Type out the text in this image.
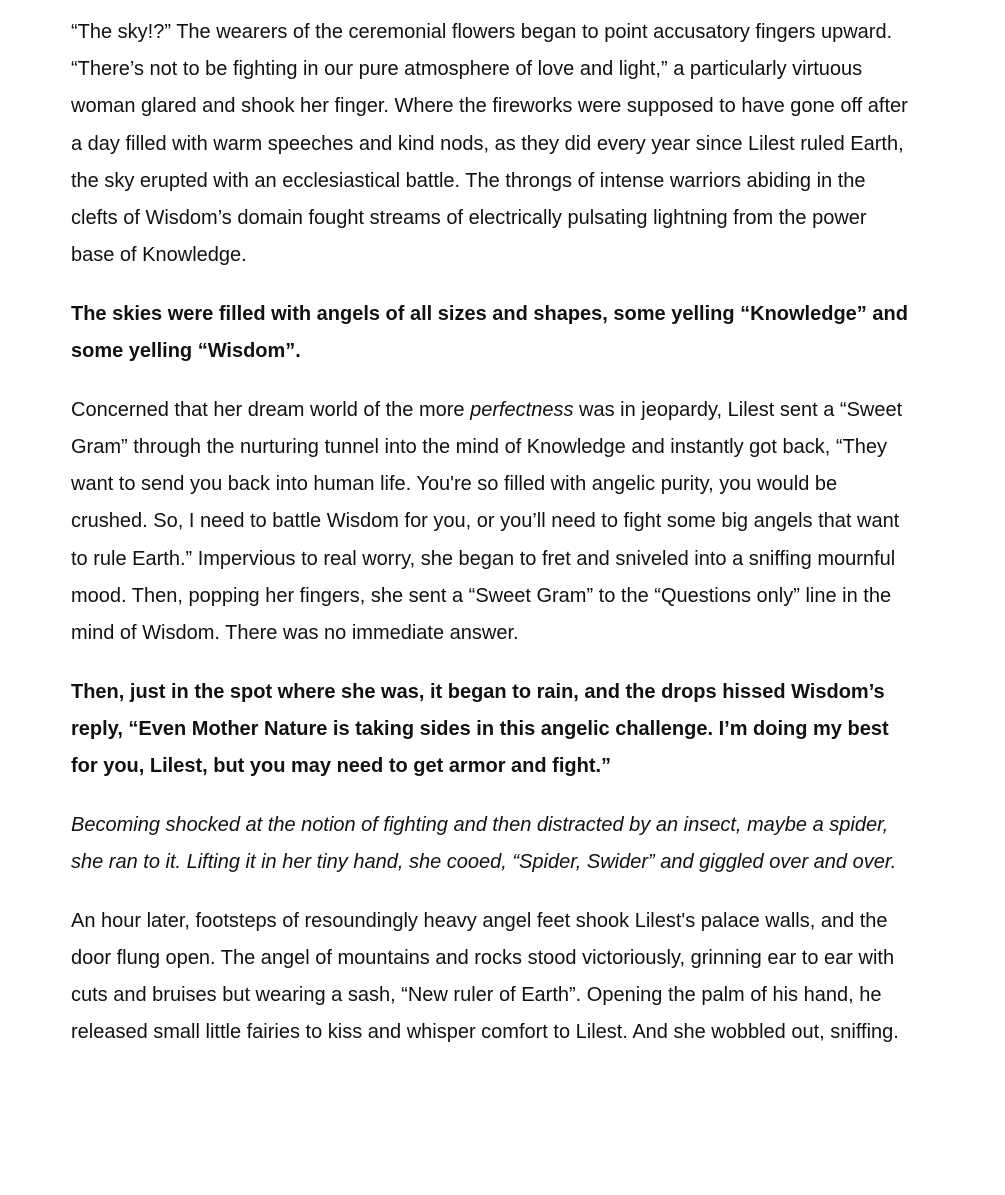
“The sky!?” The wearers of the ceremonial flowers began to point accusatory fingers upward. “There’s not to be fighting in our pure atmosphere of love and light,” a particularly virtuous woman glared and shook her finger. Where the fireworks were supposed to have gone off after a day filled with warm speeches and kind nods, as they did every year since Lilest ruled Earth, the sky erupted with an ecclesiastical battle. The throngs of intense warriors abiding in the clefts of Wisdom’s domain fought streams of electrically pulsating lightning from the power base of Knowledge.

The skies were filled with angels of all sizes and shapes, some yelling “Knowledge” and some yelling “Wisdom”.

Concerned that her dream world of the more perfectness was in jeopardy, Lilest sent a “Sweet Gram” through the nurturing tunnel into the mind of Knowledge and instantly got back, “They want to send you back into human life. You're so filled with angelic purity, you would be crushed. So, I need to battle Wisdom for you, or you’ll need to fight some big angels that want to rule Earth.” Impervious to real worry, she began to fret and sniveled into a sniffing mournful mood. Then, popping her fingers, she sent a “Sweet Gram” to the “Questions only” line in the mind of Wisdom. There was no immediate answer.

Then, just in the spot where she was, it began to rain, and the drops hissed Wisdom’s reply, “Even Mother Nature is taking sides in this angelic challenge. I’m doing my best for you, Lilest, but you may need to get armor and fight.”

Becoming shocked at the notion of fighting and then distracted by an insect, maybe a spider, she ran to it. Lifting it in her tiny hand, she cooed, “Spider, Swider” and giggled over and over.

An hour later, footsteps of resoundingly heavy angel feet shook Lilest's palace walls, and the door flung open. The angel of mountains and rocks stood victoriously, grinning ear to ear with cuts and bruises but wearing a sash, “New ruler of Earth”. Opening the palm of his hand, he released small little fairies to kiss and whisper comfort to Lilest. And she wobbled out, sniffing.
